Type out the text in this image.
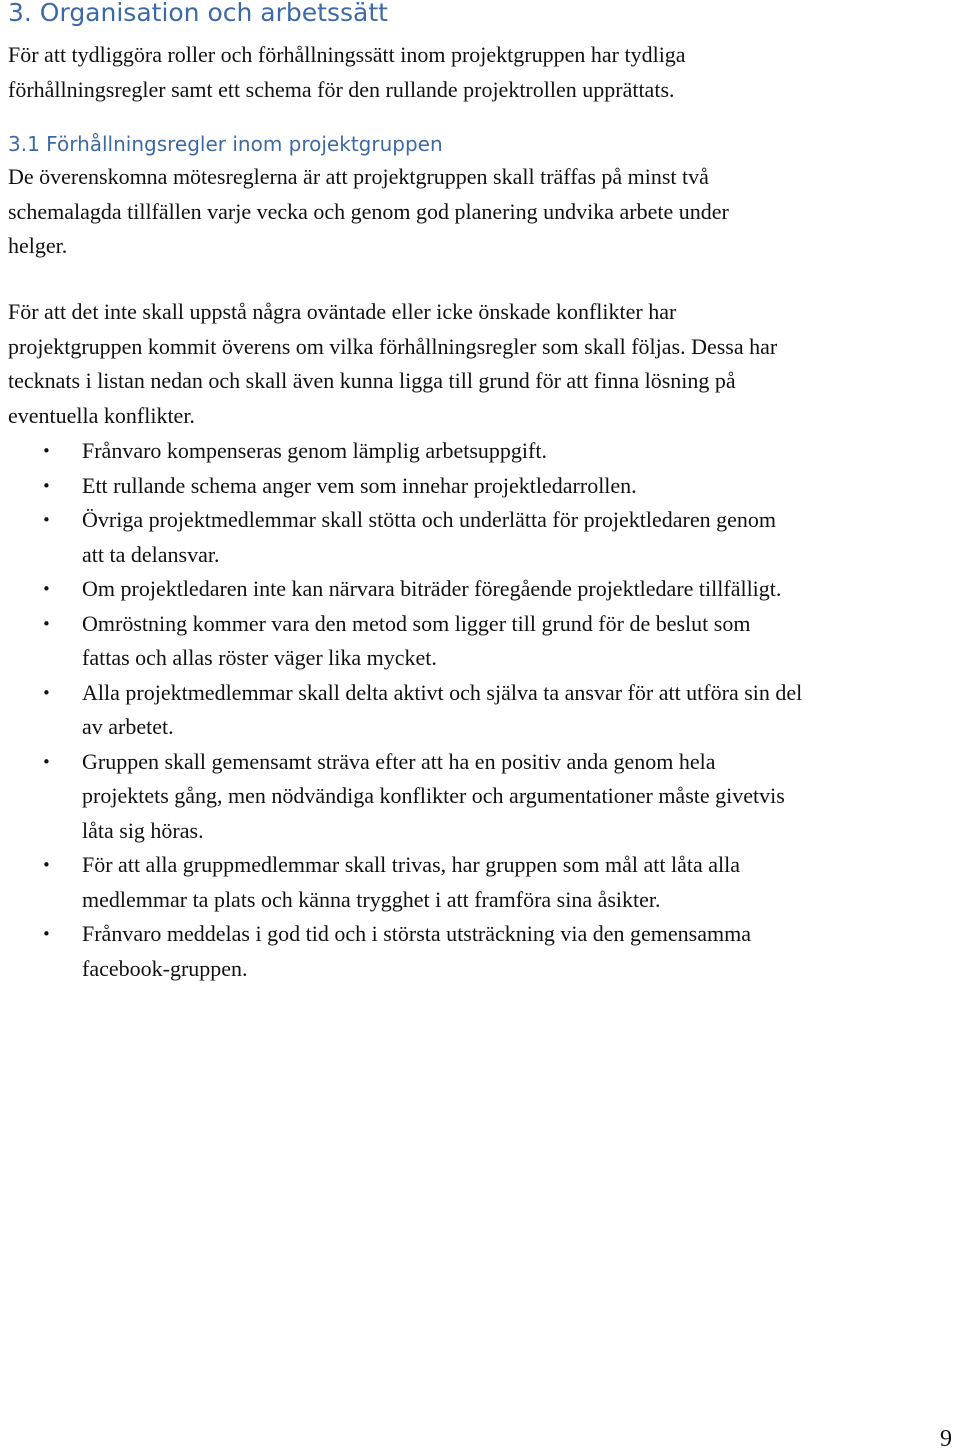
3. Organisation och arbetssätt

För att tydliggöra roller och förhållningssätt inom projektgruppen har tydliga
förhållningsregler samt ett schema för den rullande projektrollen upprättats.

3.1 Förhållningsregler inom projektgruppen

De överenskomna mötesreglerna är att projektgruppen skall träffas på minst två
schemalagda tillfällen varje vecka och genom god planering undvika arbete under
helger.

För att det inte skall uppstå några oväntade eller icke önskade konflikter har
projektgruppen kommit överens om vilka förhållningsregler som skall följas. Dessa har
tecknats i listan nedan och skall även kunna ligga till grund för att finna lösning på
eventuella konflikter.

• Frånvaro kompenseras genom lämplig arbetsuppgift.
• Ett rullande schema anger vem som innehar projektledarrollen.
• Övriga projektmedlemmar skall stötta och underlätta för projektledaren genom
att ta delansvar.
• Om projektledaren inte kan närvara biträder föregående projektledare tillfälligt.
• Omröstning kommer vara den metod som ligger till grund för de beslut som
fattas och allas röster väger lika mycket.
• Alla projektmedlemmar skall delta aktivt och själva ta ansvar för att utföra sin del
av arbetet.
• Gruppen skall gemensamt sträva efter att ha en positiv anda genom hela
projektets gång, men nödvändiga konflikter och argumentationer måste givetvis
låta sig höras.
• För att alla gruppmedlemmar skall trivas, har gruppen som mål att låta alla
medlemmar ta plats och känna trygghet i att framföra sina åsikter.
• Frånvaro meddelas i god tid och i största utsträckning via den gemensamma
facebook-gruppen.

9
